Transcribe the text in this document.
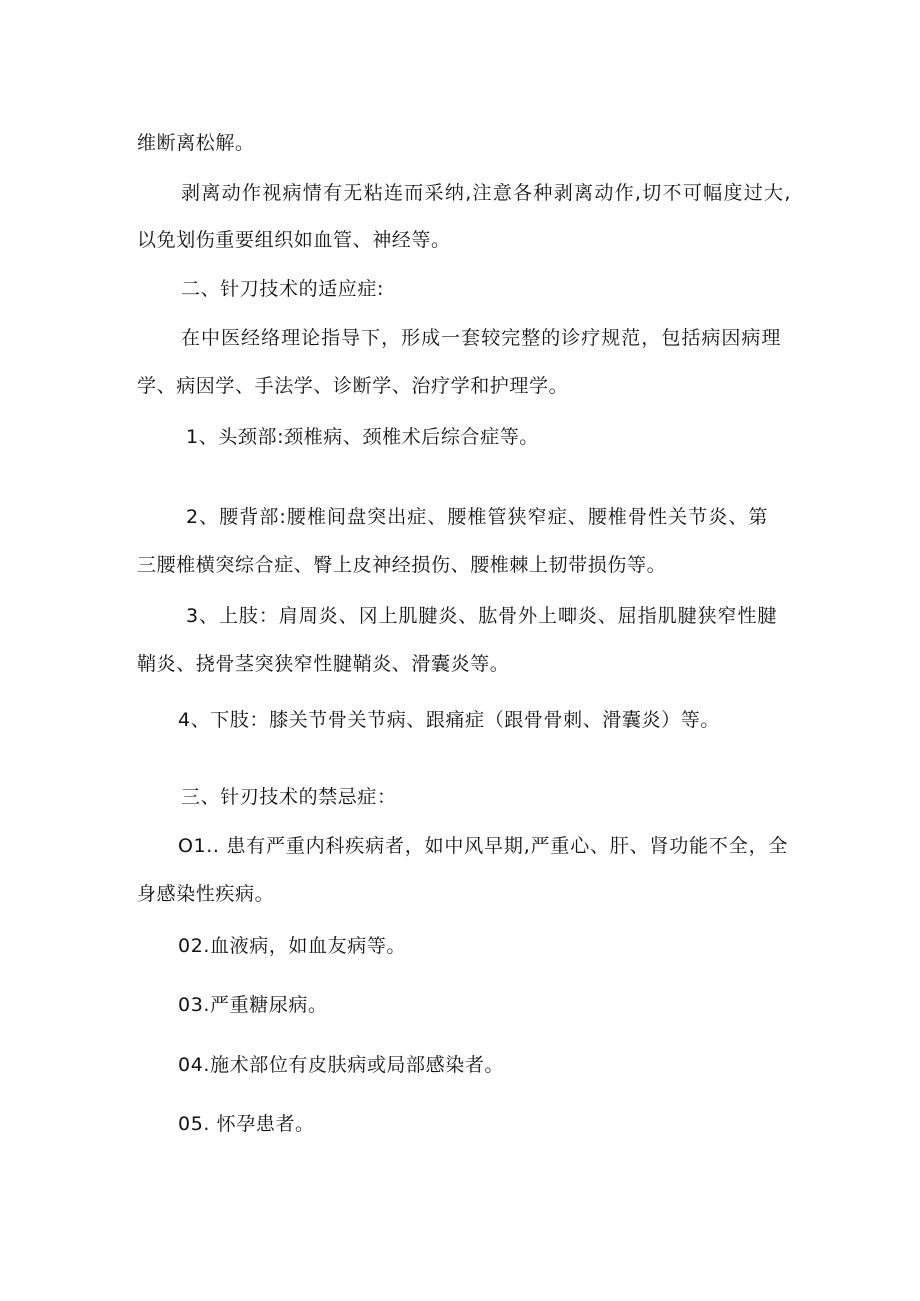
维断离松解。
剥离动作视病情有无粘连而采纳,注意各种剥离动作,切不可幅度过大,
以免划伤重要组织如血管、神经等。
二、针刀技术的适应症:
在中医经络理论指导下，形成一套较完整的诊疗规范，包括病因病理
学、病因学、手法学、诊断学、治疗学和护理学。
1、头颈部:颈椎病、颈椎术后综合症等。
2、腰背部:腰椎间盘突出症、腰椎管狭窄症、腰椎骨性关节炎、第
三腰椎横突综合症、臀上皮神经损伤、腰椎棘上韧带损伤等。
3、上肢：肩周炎、冈上肌腱炎、肱骨外上唧炎、屈指肌腱狭窄性腱
鞘炎、挠骨茎突狭窄性腱鞘炎、滑囊炎等。
4、下肢：膝关节骨关节病、跟痛症（跟骨骨刺、滑囊炎）等。
三、针刃技术的禁忌症：
O1.. 患有严重内科疾病者，如中风早期,严重心、肝、肾功能不全，全
身感染性疾病。
02.血液病，如血友病等。
03.严重糖尿病。
04.施术部位有皮肤病或局部感染者。
05. 怀孕患者。
